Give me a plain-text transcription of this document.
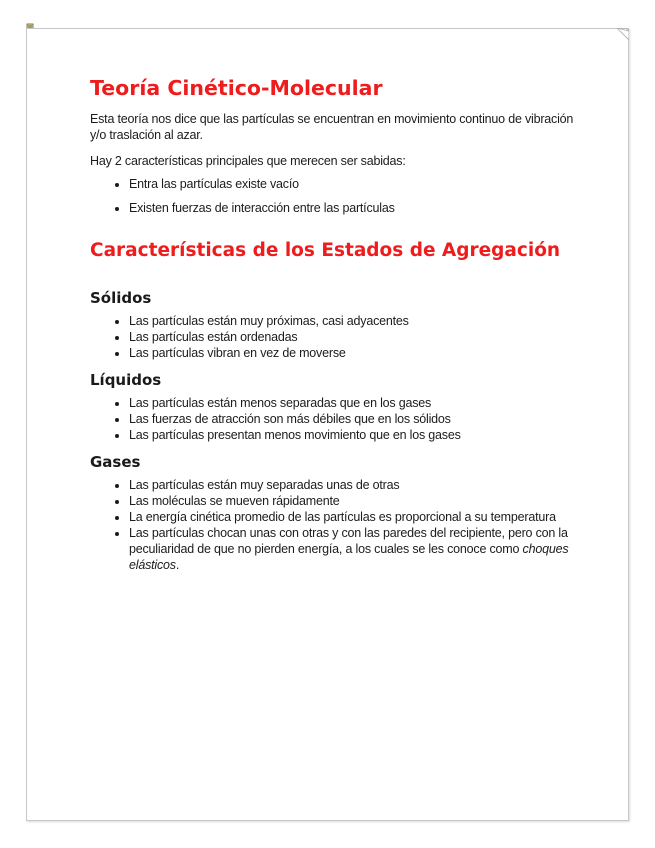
Teoría Cinético-Molecular

Esta teoría nos dice que las partículas se encuentran en movimiento continuo de vibración y/o traslación al azar.

Hay 2 características principales que merecen ser sabidas:

• Entra las partículas existe vacío
• Existen fuerzas de interacción entre las partículas
Características de los Estados de Agregación
Sólidos
• Las partículas están muy próximas, casi adyacentes
• Las partículas están ordenadas
• Las partículas vibran en vez de moverse
Líquidos
• Las partículas están menos separadas que en los gases
• Las fuerzas de atracción son más débiles que en los sólidos
• Las partículas presentan menos movimiento que en los gases
Gases
• Las partículas están muy separadas unas de otras
• Las moléculas se mueven rápidamente
• La energía cinética promedio de las partículas es proporcional a su temperatura
• Las partículas chocan unas con otras y con las paredes del recipiente, pero con la peculiaridad de que no pierden energía, a los cuales se les conoce como choques elásticos.
